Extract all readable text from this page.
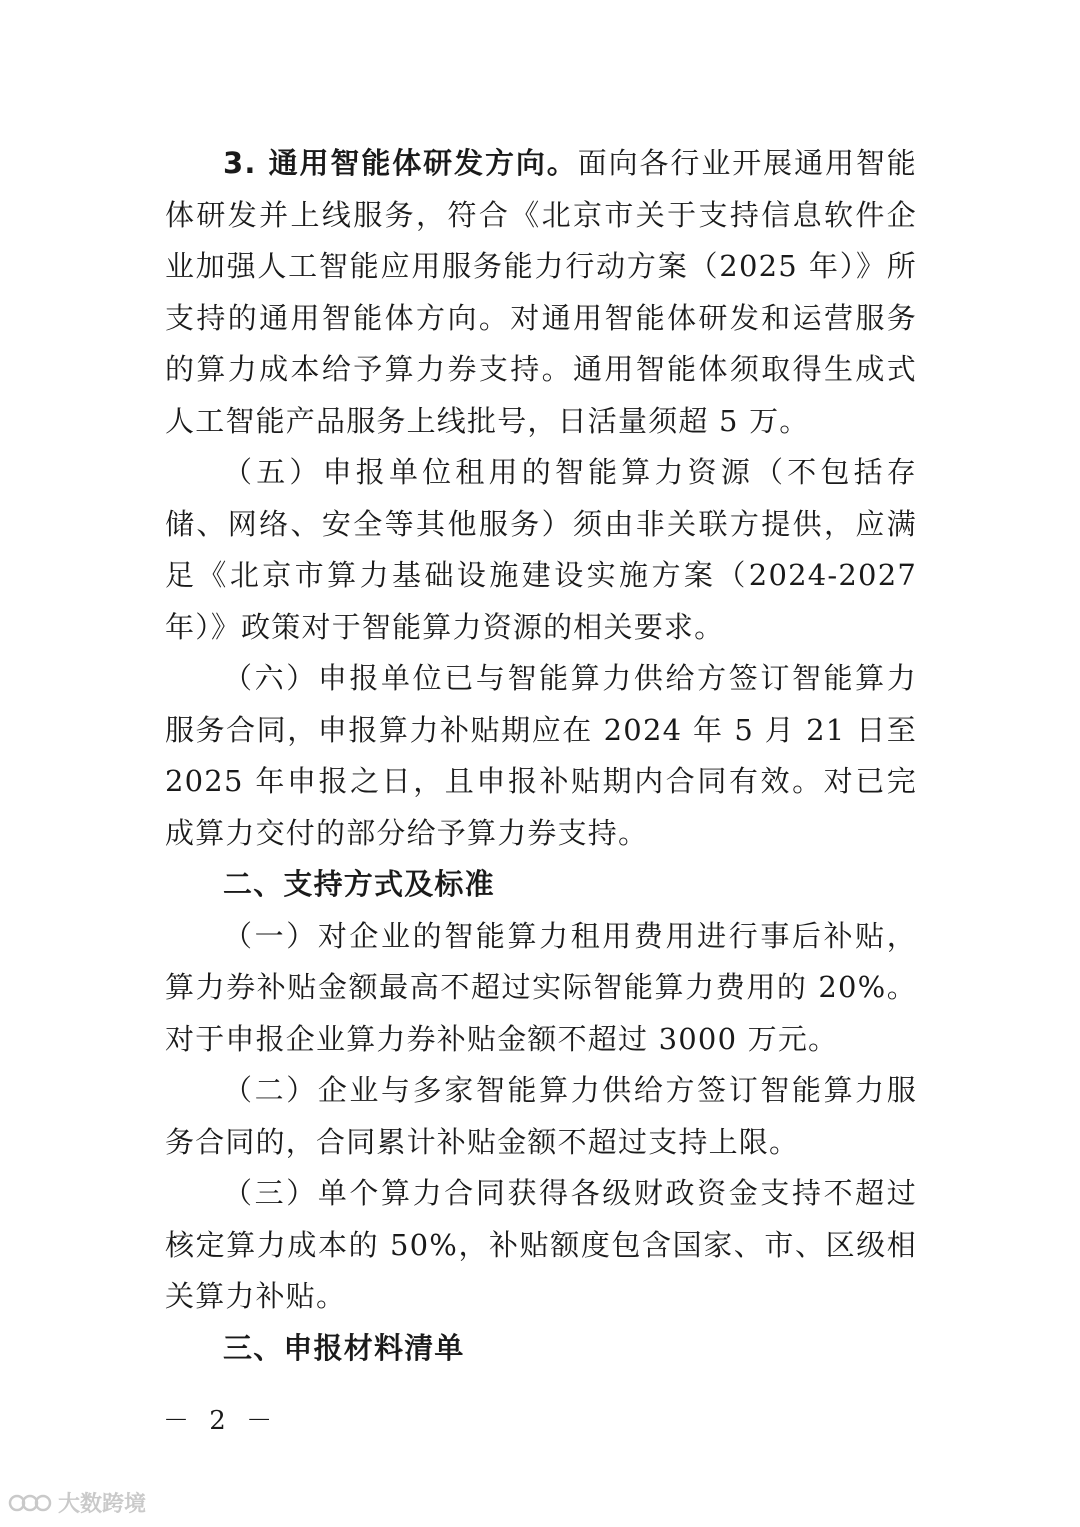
3. 通用智能体研发方向。面向各行业开展通用智能体研发并上线服务，符合《北京市关于支持信息软件企业加强人工智能应用服务能力行动方案（2025 年）》所支持的通用智能体方向。对通用智能体研发和运营服务的算力成本给予算力券支持。通用智能体须取得生成式人工智能产品服务上线批号，日活量须超 5 万。

（五）申报单位租用的智能算力资源（不包括存储、网络、安全等其他服务）须由非关联方提供，应满足《北京市算力基础设施建设实施方案（2024-2027 年）》政策对于智能算力资源的相关要求。

（六）申报单位已与智能算力供给方签订智能算力服务合同，申报算力补贴期应在 2024 年 5 月 21 日至 2025 年申报之日，且申报补贴期内合同有效。对已完成算力交付的部分给予算力券支持。

二、支持方式及标准

（一）对企业的智能算力租用费用进行事后补贴，算力券补贴金额最高不超过实际智能算力费用的 20%。对于申报企业算力券补贴金额不超过 3000 万元。

（二）企业与多家智能算力供给方签订智能算力服务合同的，合同累计补贴金额不超过支持上限。

（三）单个算力合同获得各级财政资金支持不超过核定算力成本的 50%，补贴额度包含国家、市、区级相关算力补贴。

三、申报材料清单

－ 2 －
大数跨境
